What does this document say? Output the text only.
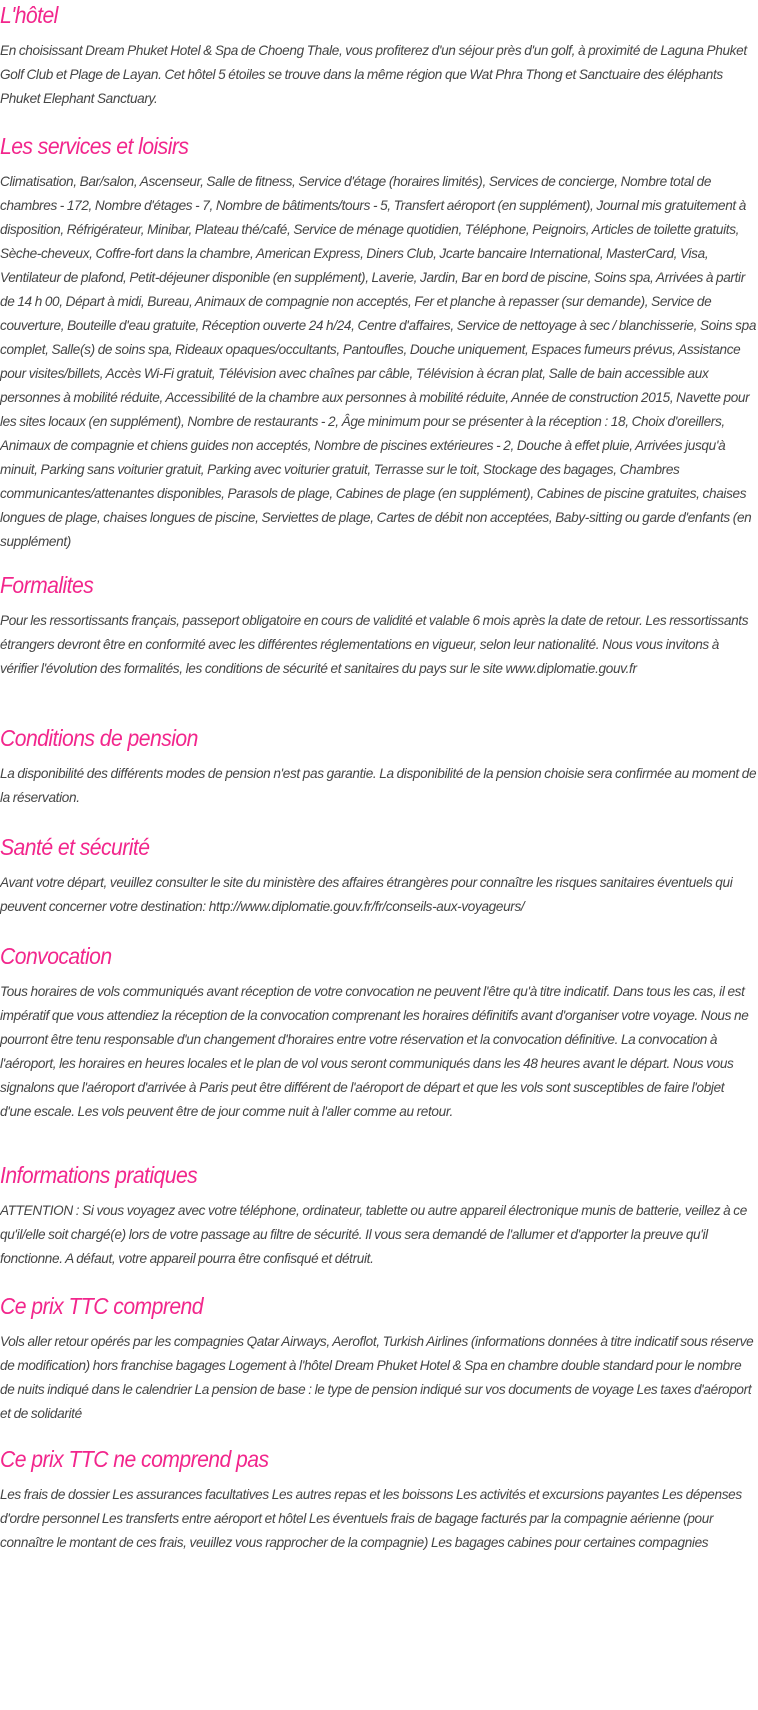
L'hôtel

En choisissant Dream Phuket Hotel & Spa de Choeng Thale, vous profiterez d'un séjour près d'un golf, à proximité de Laguna Phuket Golf Club et Plage de Layan. Cet hôtel 5 étoiles se trouve dans la même région que Wat Phra Thong et Sanctuaire des éléphants Phuket Elephant Sanctuary.

Les services et loisirs

Climatisation, Bar/salon, Ascenseur, Salle de fitness, Service d'étage (horaires limités), Services de concierge, Nombre total de chambres - 172, Nombre d'étages - 7, Nombre de bâtiments/tours - 5, Transfert aéroport (en supplément), Journal mis gratuitement à disposition, Réfrigérateur, Minibar, Plateau thé/café, Service de ménage quotidien, Téléphone, Peignoirs, Articles de toilette gratuits, Sèche-cheveux, Coffre-fort dans la chambre, American Express, Diners Club, Jcarte bancaire International, MasterCard, Visa, Ventilateur de plafond, Petit-déjeuner disponible (en supplément), Laverie, Jardin, Bar en bord de piscine, Soins spa, Arrivées à partir de 14 h 00, Départ à midi, Bureau, Animaux de compagnie non acceptés, Fer et planche à repasser (sur demande), Service de couverture, Bouteille d'eau gratuite, Réception ouverte 24 h/24, Centre d'affaires, Service de nettoyage à sec / blanchisserie, Soins spa complet, Salle(s) de soins spa, Rideaux opaques/occultants, Pantoufles, Douche uniquement, Espaces fumeurs prévus, Assistance pour visites/billets, Accès Wi-Fi gratuit, Télévision avec chaînes par câble, Télévision à écran plat, Salle de bain accessible aux personnes à mobilité réduite, Accessibilité de la chambre aux personnes à mobilité réduite, Année de construction 2015, Navette pour les sites locaux (en supplément), Nombre de restaurants - 2, Âge minimum pour se présenter à la réception : 18, Choix d'oreillers, Animaux de compagnie et chiens guides non acceptés, Nombre de piscines extérieures - 2, Douche à effet pluie, Arrivées jusqu'à minuit, Parking sans voiturier gratuit, Parking avec voiturier gratuit, Terrasse sur le toit, Stockage des bagages, Chambres communicantes/attenantes disponibles, Parasols de plage, Cabines de plage (en supplément), Cabines de piscine gratuites, chaises longues de plage, chaises longues de piscine, Serviettes de plage, Cartes de débit non acceptées, Baby-sitting ou garde d'enfants (en supplément)

Formalites

Pour les ressortissants français, passeport obligatoire en cours de validité et valable 6 mois après la date de retour. Les ressortissants étrangers devront être en conformité avec les différentes réglementations en vigueur, selon leur nationalité. Nous vous invitons à vérifier l'évolution des formalités, les conditions de sécurité et sanitaires du pays sur le site www.diplomatie.gouv.fr

Conditions de pension

La disponibilité des différents modes de pension n'est pas garantie. La disponibilité de la pension choisie sera confirmée au moment de la réservation.

Santé et sécurité

Avant votre départ, veuillez consulter le site du ministère des affaires étrangères pour connaître les risques sanitaires éventuels qui peuvent concerner votre destination: http://www.diplomatie.gouv.fr/fr/conseils-aux-voyageurs/

Convocation

Tous horaires de vols communiqués avant réception de votre convocation ne peuvent l'être qu'à titre indicatif. Dans tous les cas, il est impératif que vous attendiez la réception de la convocation comprenant les horaires définitifs avant d'organiser votre voyage. Nous ne pourront être tenu responsable d'un changement d'horaires entre votre réservation et la convocation définitive. La convocation à l'aéroport, les horaires en heures locales et le plan de vol vous seront communiqués dans les 48 heures avant le départ. Nous vous signalons que l'aéroport d'arrivée à Paris peut être différent de l'aéroport de départ et que les vols sont susceptibles de faire l'objet d'une escale. Les vols peuvent être de jour comme nuit à l'aller comme au retour.

Informations pratiques

ATTENTION : Si vous voyagez avec votre téléphone, ordinateur, tablette ou autre appareil électronique munis de batterie, veillez à ce qu'il/elle soit chargé(e) lors de votre passage au filtre de sécurité. Il vous sera demandé de l'allumer et d'apporter la preuve qu'il fonctionne. A défaut, votre appareil pourra être confisqué et détruit.

Ce prix TTC comprend

Vols aller retour opérés par les compagnies Qatar Airways, Aeroflot, Turkish Airlines (informations données à titre indicatif sous réserve de modification) hors franchise bagages Logement à l'hôtel Dream Phuket Hotel & Spa en chambre double standard pour le nombre de nuits indiqué dans le calendrier La pension de base : le type de pension indiqué sur vos documents de voyage Les taxes d'aéroport et de solidarité

Ce prix TTC ne comprend pas

Les frais de dossier Les assurances facultatives Les autres repas et les boissons Les activités et excursions payantes Les dépenses d'ordre personnel Les transferts entre aéroport et hôtel Les éventuels frais de bagage facturés par la compagnie aérienne (pour connaître le montant de ces frais, veuillez vous rapprocher de la compagnie) Les bagages cabines pour certaines compagnies
